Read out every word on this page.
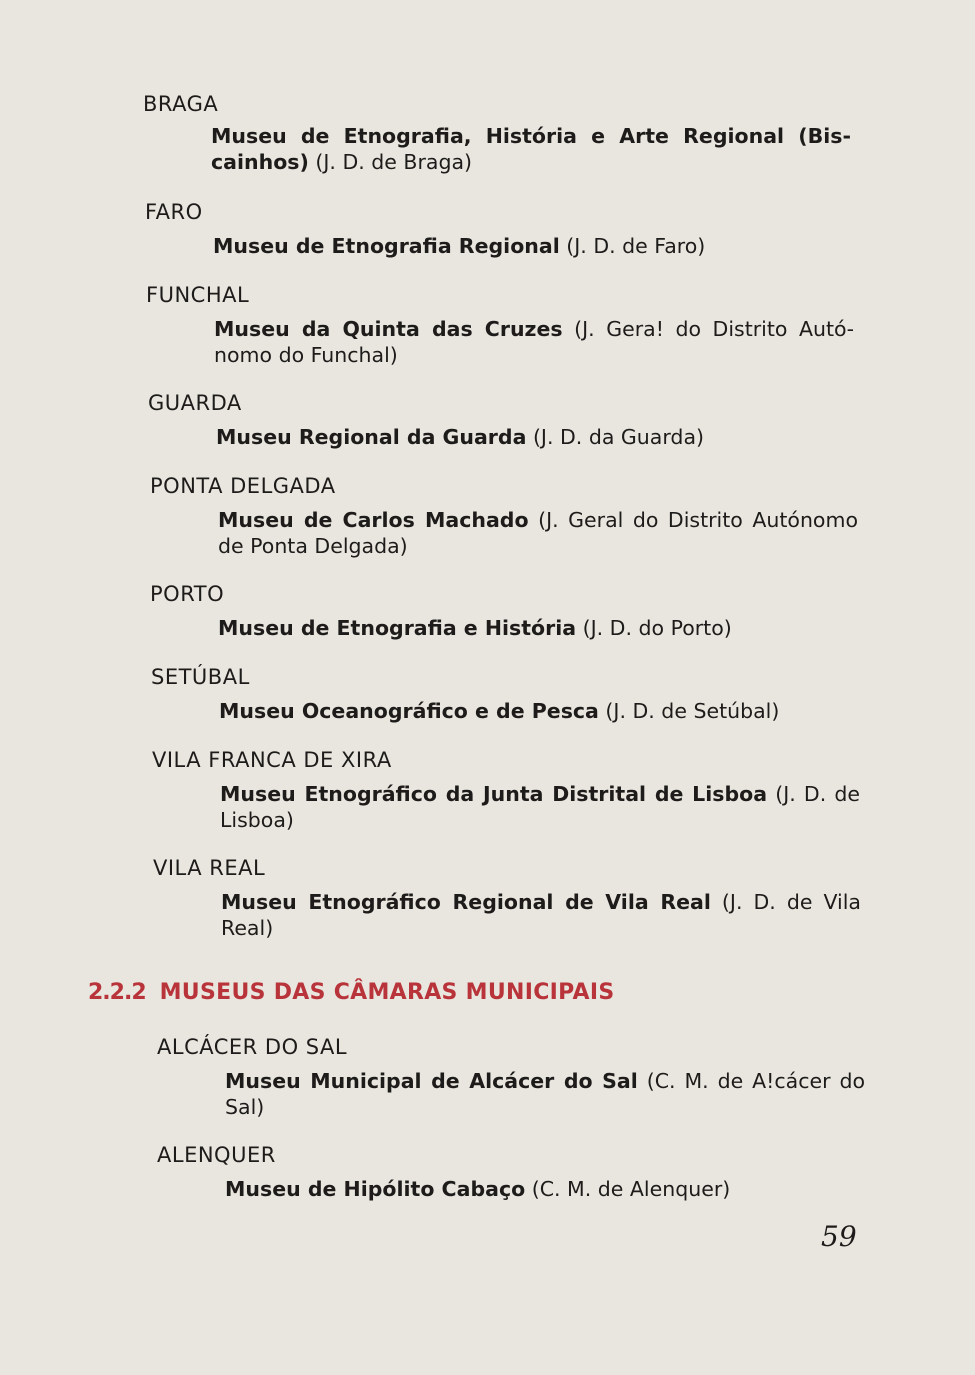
BRAGA
Museu de Etnografia, História e Arte Regional (Biscainhos) (J. D. de Braga)
FARO
Museu de Etnografia Regional (J. D. de Faro)
FUNCHAL
Museu da Quinta das Cruzes (J. Gera! do Distrito Autónomo do Funchal)
GUARDA
Museu Regional da Guarda (J. D. da Guarda)
PONTA DELGADA
Museu de Carlos Machado (J. Geral do Distrito Autónomo de Ponta Delgada)
PORTO
Museu de Etnografia e História (J. D. do Porto)
SETÚBAL
Museu Oceanográfico e de Pesca (J. D. de Setúbal)
VILA FRANCA DE XIRA
Museu Etnográfico da Junta Distrital de Lisboa (J. D. de Lisboa)
VILA REAL
Museu Etnográfico Regional de Vila Real (J. D. de Vila Real)
2.2.2 MUSEUS DAS CÂMARAS MUNICIPAIS
ALCÁCER DO SAL
Museu Municipal de Alcácer do Sal (C. M. de A!cácer do Sal)
ALENQUER
Museu de Hipólito Cabaço (C. M. de Alenquer)
59
